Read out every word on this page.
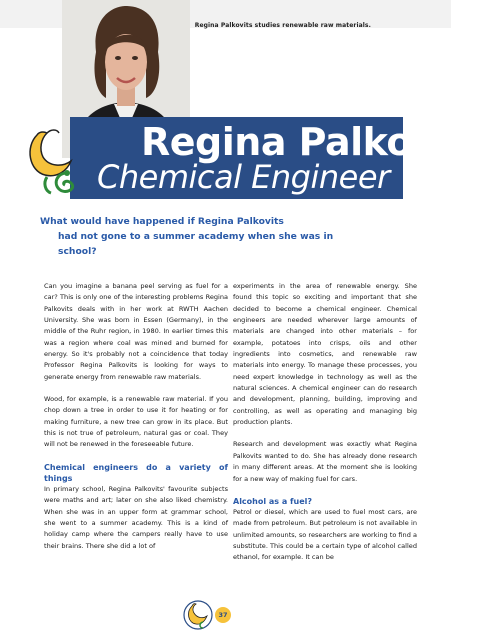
Regina Palkovits studies renewable raw materials.
Regina Palkovits,
Chemical Engineer
What would have happened if Regina Palkovits
had not gone to a summer academy when she was in school?

Can you imagine a banana peel serving as fuel for a car? This is only one of the interesting problems Regina Palkovits deals with in her work at RWTH Aachen University. She was born in Essen (Germany), in the middle of the Ruhr region, in 1980. In earlier times this was a region where coal was mined and burned for energy. So it's probably not a coincidence that today Professor Regina Palkovits is looking for ways to generate energy from renewable raw materials.

Wood, for example, is a renewable raw material. If you chop down a tree in order to use it for heating or for making furniture, a new tree can grow in its place. But this is not true of petroleum, natural gas or coal. They will not be renewed in the foreseeable future.

Chemical engineers do a variety of things

In primary school, Regina Palkovits' favourite subjects were maths and art; later on she also liked chemistry. When she was in an upper form at grammar school, she went to a summer academy. This is a kind of holiday camp where the campers really have to use their brains. There she did a lot of

experiments in the area of renewable energy. She found this topic so exciting and important that she decided to become a chemical engineer. Chemical engineers are needed wherever large amounts of materials are changed into other materials – for example, potatoes into crisps, oils and other ingredients into cosmetics, and renewable raw materials into energy. To manage these processes, you need expert knowledge in technology as well as the natural sciences. A chemical engineer can do research and development, planning, building, improving and controlling, as well as operating and managing big production plants.

Research and development was exactly what Regina Palkovits wanted to do. She has already done research in many different areas. At the moment she is looking for a new way of making fuel for cars.

Alcohol as a fuel?

Petrol or diesel, which are used to fuel most cars, are made from petroleum. But petroleum is not available in unlimited amounts, so researchers are working to find a substitute. This could be a certain type of alcohol called ethanol, for example. It can be

37
